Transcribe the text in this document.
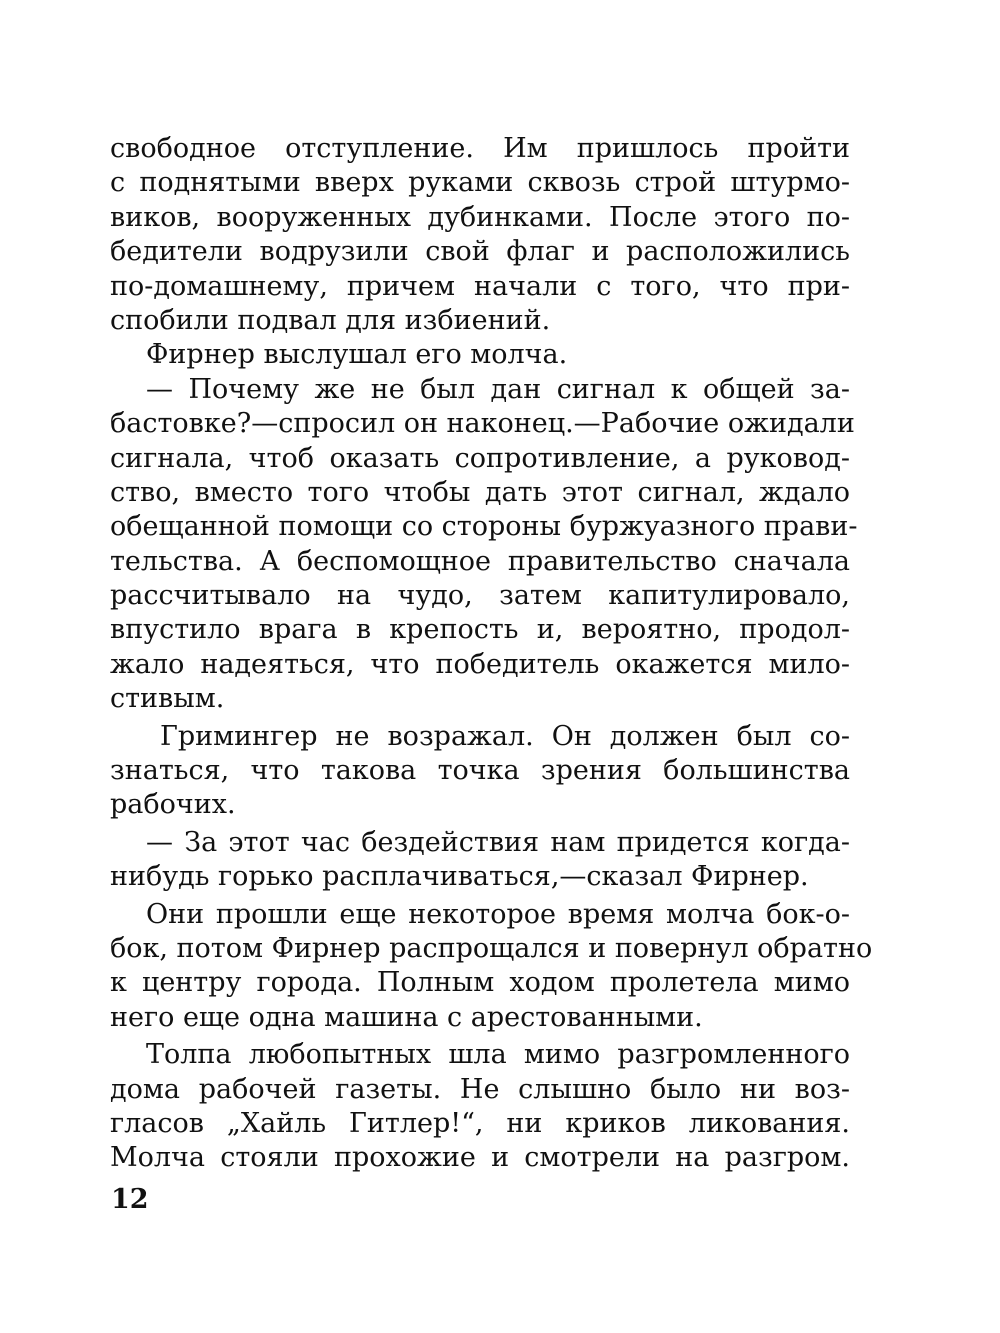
свободное отступление. Им пришлось пройти
с поднятыми вверх руками сквозь строй штурмо-
виков, вооруженных дубинками. После этого по-
бедители водрузили свой флаг и расположились
по-домашнему, причем начали с того, что при-
спобили подвал для избиений.
Фирнер выслушал его молча.
— Почему же не был дан сигнал к общей за-
бастовке?—спросил он наконец.—Рабочие ожидали
сигнала, чтоб оказать сопротивление, а руковод-
ство, вместо того чтобы дать этот сигнал, ждало
обещанной помощи со стороны буржуазного прави-
тельства. А беспомощное правительство сначала
рассчитывало на чудо, затем капитулировало,
впустило врага в крепость и, вероятно, продол-
жало надеяться, что победитель окажется мило-
стивым.
Гримингер не возражал. Он должен был со-
знаться, что такова точка зрения большинства
рабочих.
— За этот час бездействия нам придется когда-
нибудь горько расплачиваться,—сказал Фирнер.
Они прошли еще некоторое время молча бок-о-
бок, потом Фирнер распрощался и повернул обратно
к центру города. Полным ходом пролетела мимо
него еще одна машина с арестованными.
Толпа любопытных шла мимо разгромленного
дома рабочей газеты. Не слышно было ни воз-
гласов „Хайль Гитлер!“, ни криков ликования.
Молча стояли прохожие и смотрели на разгром.
12
